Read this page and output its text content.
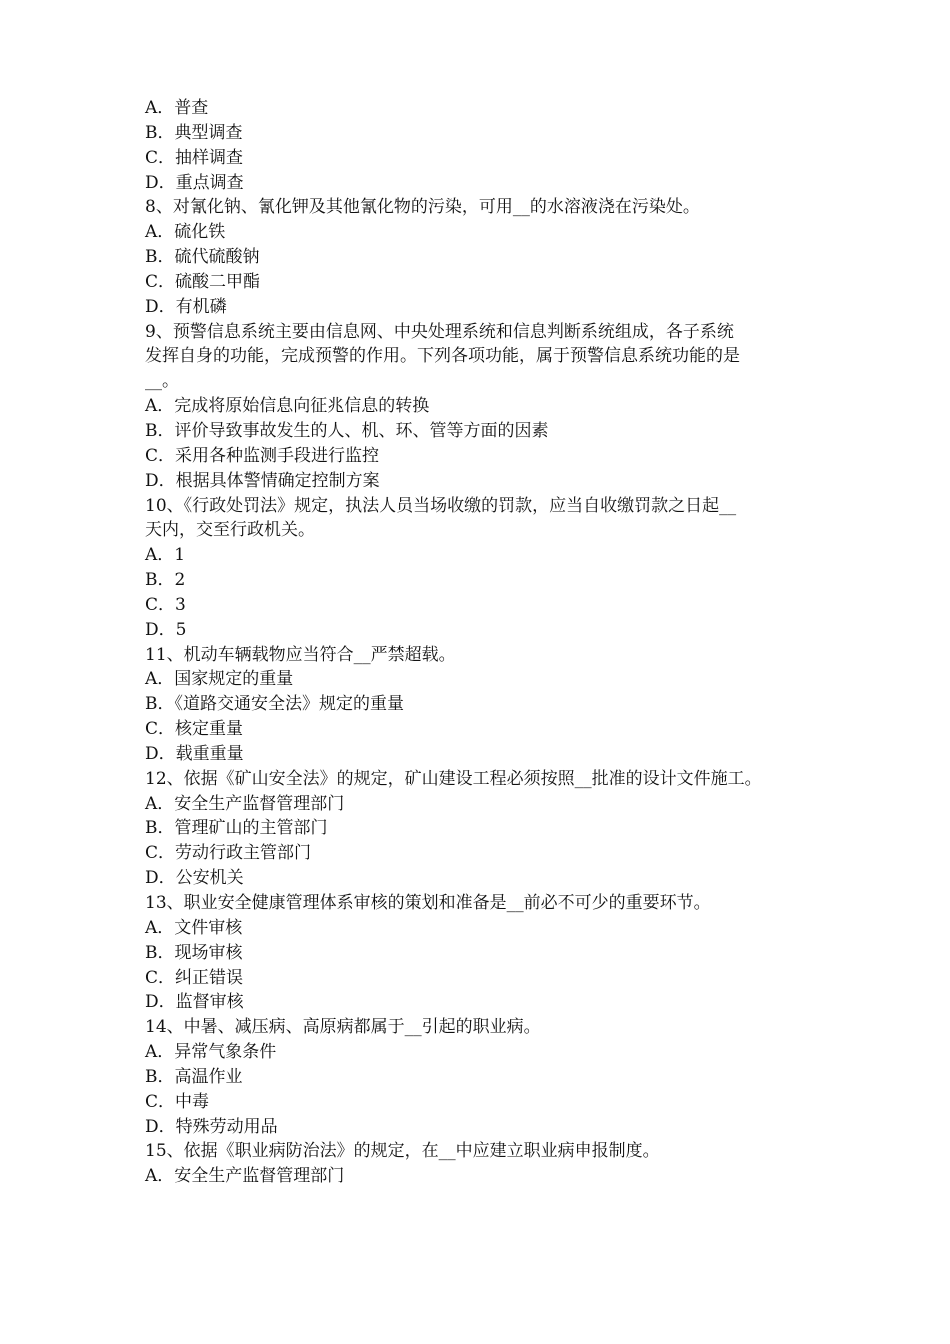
A．普查
B．典型调查
C．抽样调查
D．重点调查
8、对氰化钠、氰化钾及其他氰化物的污染，可用__的水溶液浇在污染处。
A．硫化铁
B．硫代硫酸钠
C．硫酸二甲酯
D．有机磷
9、预警信息系统主要由信息网、中央处理系统和信息判断系统组成，各子系统
发挥自身的功能，完成预警的作用。下列各项功能，属于预警信息系统功能的是
__。
A．完成将原始信息向征兆信息的转换
B．评价导致事故发生的人、机、环、管等方面的因素
C．采用各种监测手段进行监控
D．根据具体警情确定控制方案
10、《行政处罚法》规定，执法人员当场收缴的罚款，应当自收缴罚款之日起__
天内，交至行政机关。
A．1
B．2
C．3
D．5
11、机动车辆载物应当符合__严禁超载。
A．国家规定的重量
B．《道路交通安全法》规定的重量
C．核定重量
D．载重重量
12、依据《矿山安全法》的规定，矿山建设工程必须按照__批准的设计文件施工。
A．安全生产监督管理部门
B．管理矿山的主管部门
C．劳动行政主管部门
D．公安机关
13、职业安全健康管理体系审核的策划和准备是__前必不可少的重要环节。
A．文件审核
B．现场审核
C．纠正错误
D．监督审核
14、中暑、减压病、高原病都属于__引起的职业病。
A．异常气象条件
B．高温作业
C．中毒
D．特殊劳动用品
15、依据《职业病防治法》的规定，在__中应建立职业病申报制度。
A．安全生产监督管理部门
